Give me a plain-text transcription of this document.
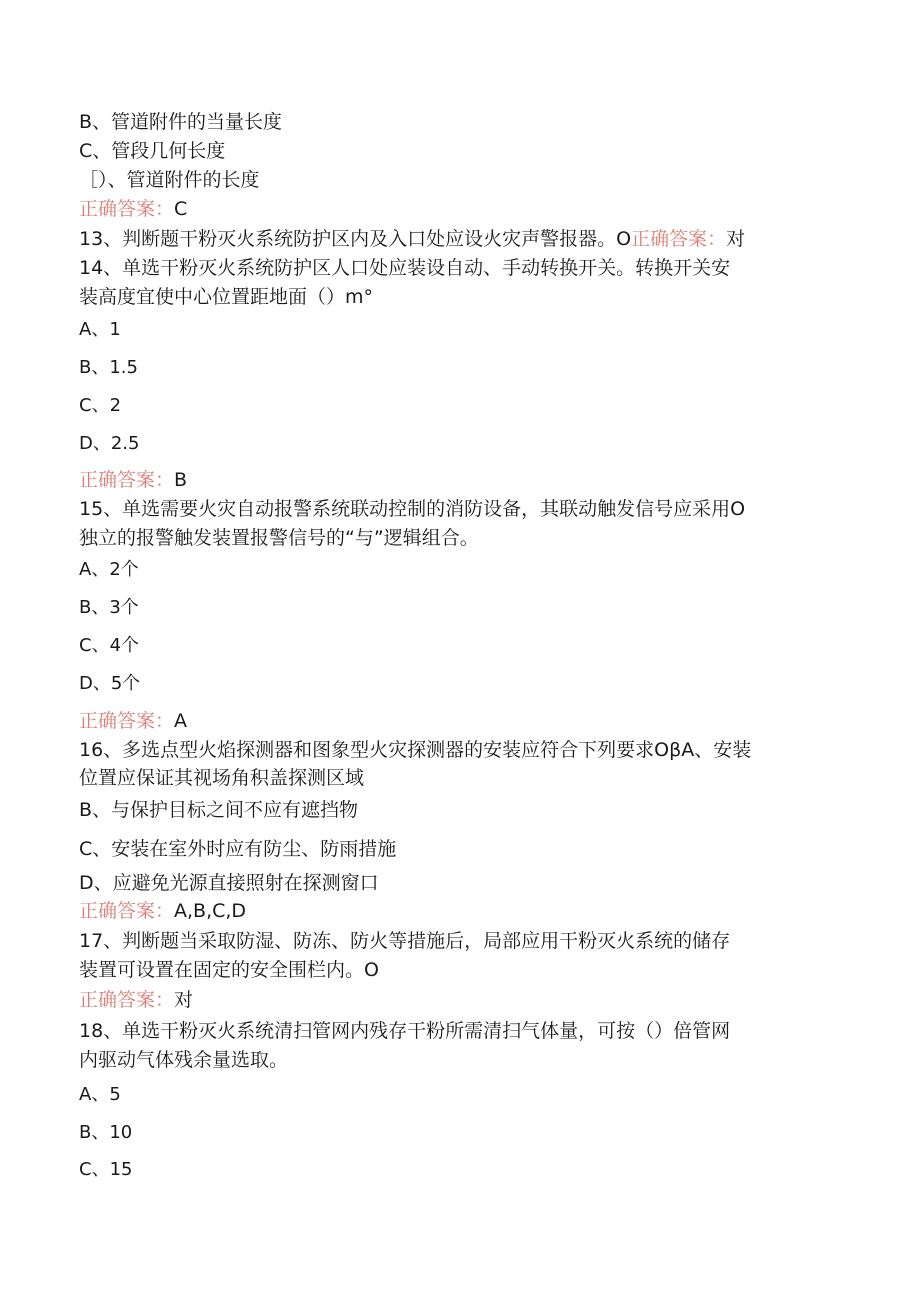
B、管道附件的当量长度
C、管段几何长度
［）、管道附件的长度
正确答案：C
13、判断题干粉灭火系统防护区内及入口处应设火灾声警报器。O正确答案：对
14、单选干粉灭火系统防护区人口处应装设自动、手动转换开关。转换开关安
装高度宜使中心位置距地面（）m°
A、1
B、1.5
C、2
D、2.5
正确答案：B
15、单选需要火灾自动报警系统联动控制的消防设备，其联动触发信号应采用O
独立的报警触发装置报警信号的“与”逻辑组合。
A、2个
B、3个
C、4个
D、5个
正确答案：A
16、多选点型火焰探测器和图象型火灾探测器的安装应符合下列要求OβA、安装
位置应保证其视场角积盖探测区域
B、与保护目标之间不应有遮挡物
C、安装在室外时应有防尘、防雨措施
D、应避免光源直接照射在探测窗口
正确答案：A,B,C,D
17、判断题当采取防湿、防冻、防火等措施后，局部应用干粉灭火系统的储存
装置可设置在固定的安全围栏内。O
正确答案：对
18、单选干粉灭火系统清扫管网内残存干粉所需清扫气体量，可按（）倍管网
内驱动气体残余量选取。
A、5
B、10
C、15
